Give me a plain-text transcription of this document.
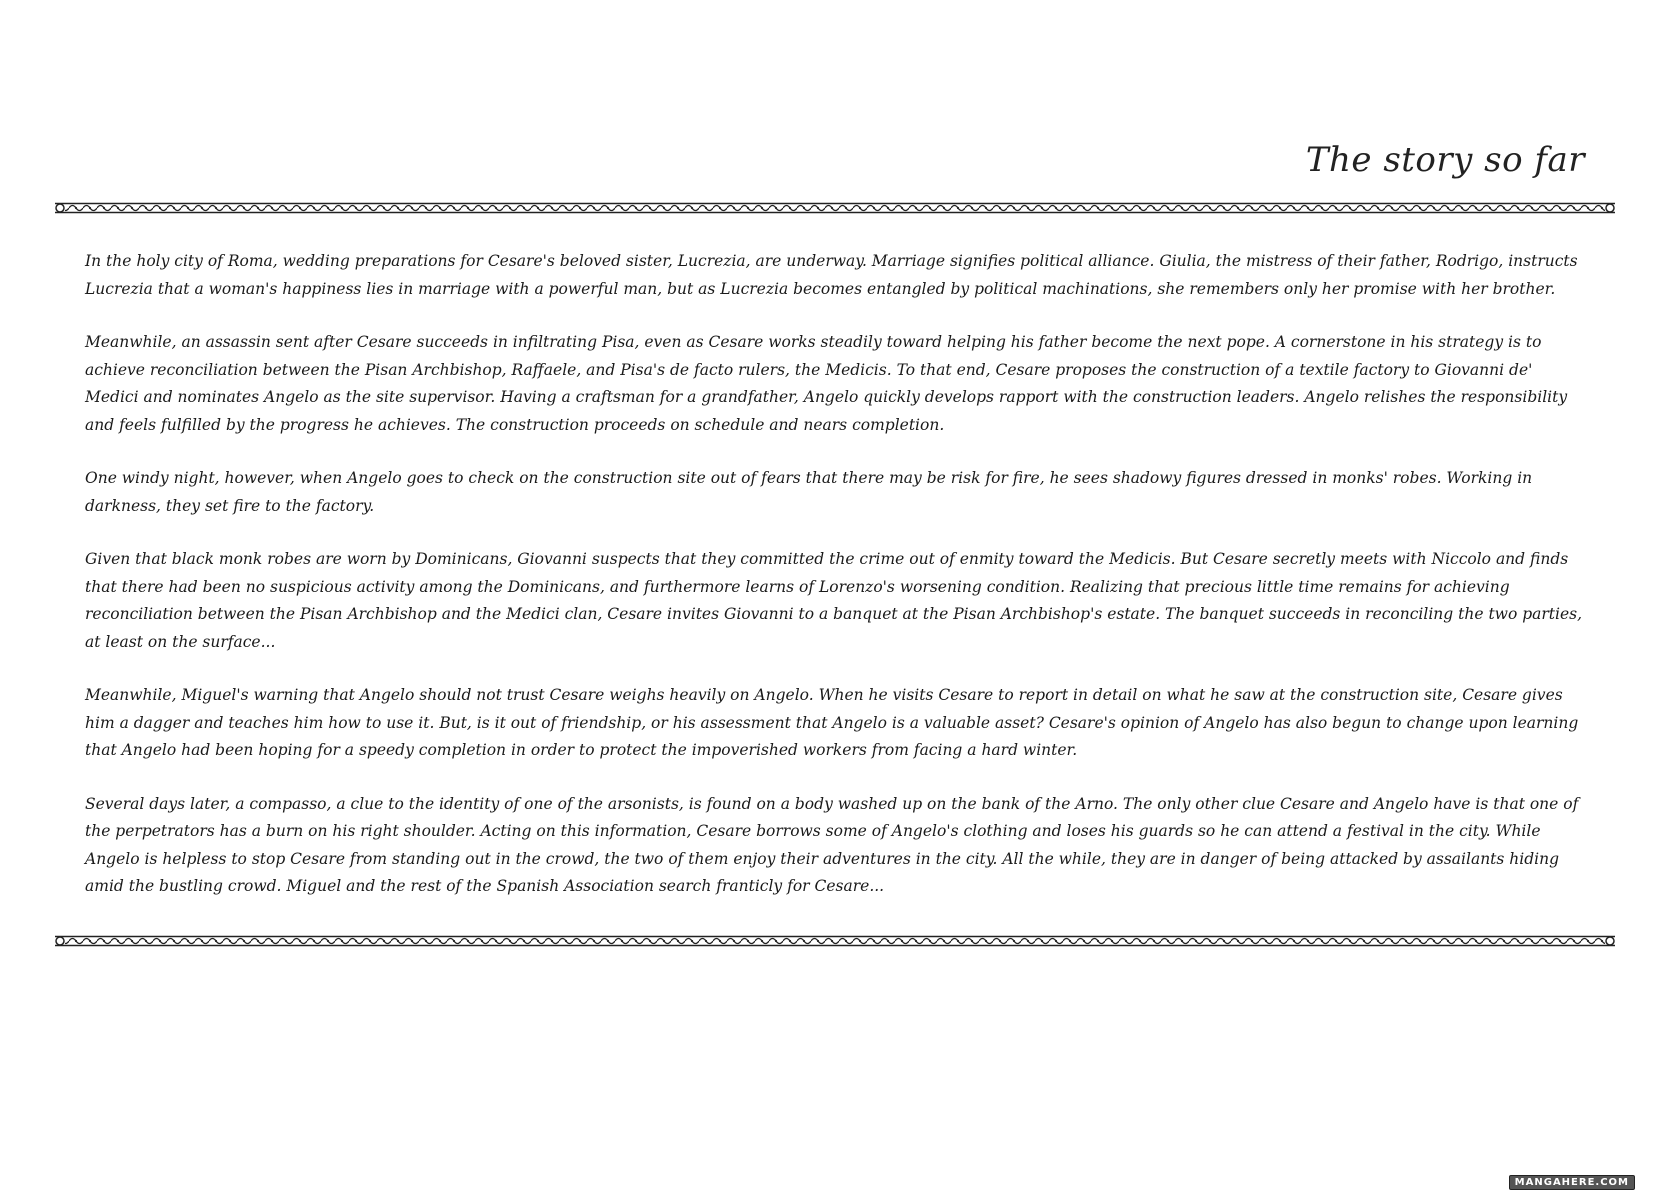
The story so far

In the holy city of Roma, wedding preparations for Cesare's beloved sister, Lucrezia, are underway. Marriage signifies political alliance. Giulia, the mistress of their father, Rodrigo, instructs Lucrezia that a woman's happiness lies in marriage with a powerful man, but as Lucrezia becomes entangled by political machinations, she remembers only her promise with her brother.

Meanwhile, an assassin sent after Cesare succeeds in infiltrating Pisa, even as Cesare works steadily toward helping his father become the next pope. A cornerstone in his strategy is to achieve reconciliation between the Pisan Archbishop, Raffaele, and Pisa's de facto rulers, the Medicis. To that end, Cesare proposes the construction of a textile factory to Giovanni de' Medici and nominates Angelo as the site supervisor. Having a craftsman for a grandfather, Angelo quickly develops rapport with the construction leaders. Angelo relishes the responsibility and feels fulfilled by the progress he achieves. The construction proceeds on schedule and nears completion.

One windy night, however, when Angelo goes to check on the construction site out of fears that there may be risk for fire, he sees shadowy figures dressed in monks' robes. Working in darkness, they set fire to the factory.

Given that black monk robes are worn by Dominicans, Giovanni suspects that they committed the crime out of enmity toward the Medicis. But Cesare secretly meets with Niccolo and finds that there had been no suspicious activity among the Dominicans, and furthermore learns of Lorenzo's worsening condition. Realizing that precious little time remains for achieving reconciliation between the Pisan Archbishop and the Medici clan, Cesare invites Giovanni to a banquet at the Pisan Archbishop's estate. The banquet succeeds in reconciling the two parties, at least on the surface...

Meanwhile, Miguel's warning that Angelo should not trust Cesare weighs heavily on Angelo. When he visits Cesare to report in detail on what he saw at the construction site, Cesare gives him a dagger and teaches him how to use it. But, is it out of friendship, or his assessment that Angelo is a valuable asset? Cesare's opinion of Angelo has also begun to change upon learning that Angelo had been hoping for a speedy completion in order to protect the impoverished workers from facing a hard winter.

Several days later, a compasso, a clue to the identity of one of the arsonists, is found on a body washed up on the bank of the Arno. The only other clue Cesare and Angelo have is that one of the perpetrators has a burn on his right shoulder. Acting on this information, Cesare borrows some of Angelo's clothing and loses his guards so he can attend a festival in the city. While Angelo is helpless to stop Cesare from standing out in the crowd, the two of them enjoy their adventures in the city. All the while, they are in danger of being attacked by assailants hiding amid the bustling crowd. Miguel and the rest of the Spanish Association search franticly for Cesare...

MANGAHERE.COM
